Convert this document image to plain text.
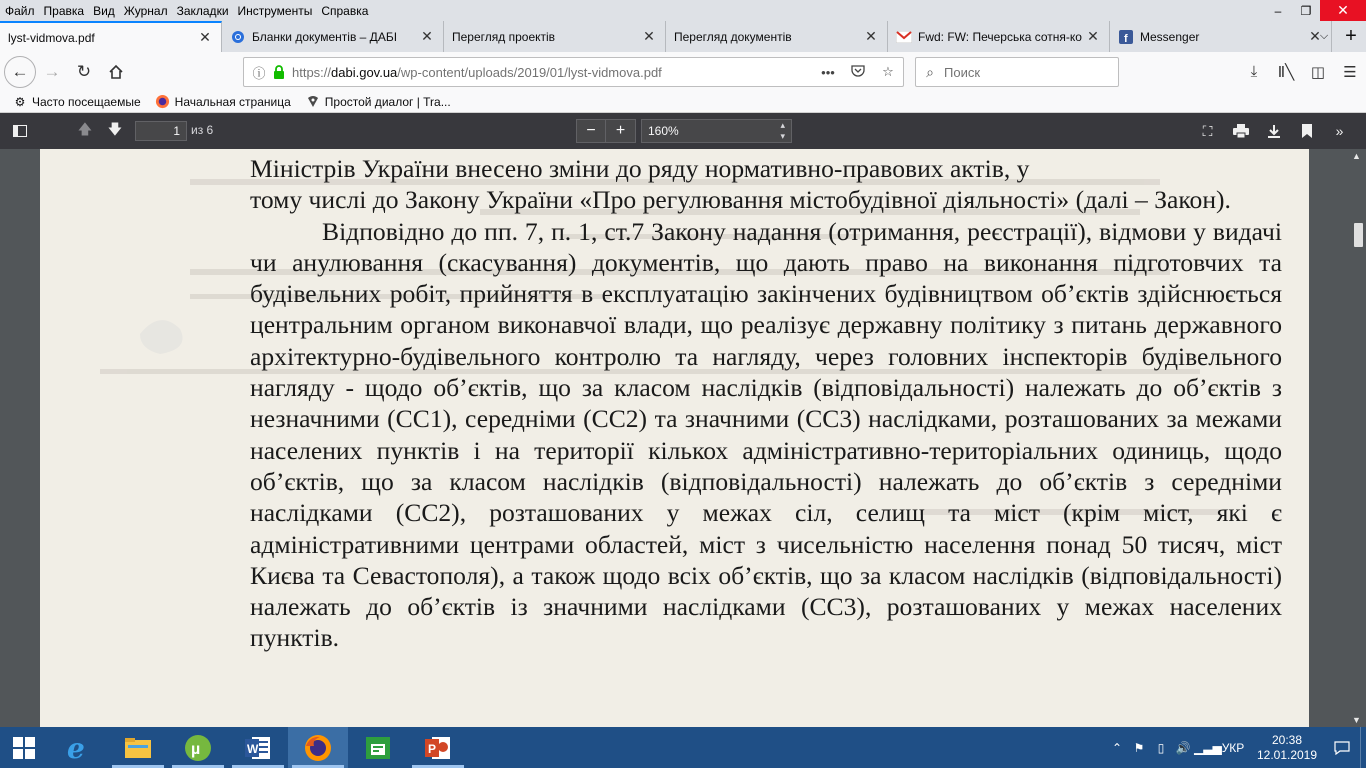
Файл Правка Вид Журнал Закладки Инструменты Справка	–	❐	✕
lyst-vidmova.pdf	✕	Бланки документів – ДАБІ	✕ Перегляд проектів	✕ Перегляд документів	✕	Fwd: FW: Печерська сотня-ко ✕ f Messenger	✕
⌵ +
← → ↻	ⓘ	https://dabi.gov.ua/wp-content/uploads/2019/01/lyst-vidmova.pdf	•••	☆	⌕ Поиск	⤓	Ⅱ╲	◫	☰
⚙ Часто посещаемые	Начальная страница	Простой диалог | Tra...
🡅	🡇	1 из 6	−	+	160%	▴
▾	⛶	»

Міністрів України внесено зміни до ряду нормативно-правових актів, у

тому числі до Закону України «Про регулювання містобудівної діяльності» (далі – Закон).

Відповідно до пп. 7, п. 1, ст.7 Закону надання (отримання, реєстрації), відмови у видачі чи анулювання (скасування) документів, що дають право на виконання підготовчих та будівельних робіт, прийняття в експлуатацію закінчених будівництвом об’єктів здійснюється центральним органом виконавчої влади, що реалізує державну політику з питань державного архітектурно-будівельного контролю та нагляду, через головних інспекторів будівельного нагляду - щодо об’єктів, що за класом наслідків (відповідальності) належать до об’єктів з незначними (СС1), середніми (СС2) та значними (СС3) наслідками, розташованих за межами населених пунктів і на території кількох адміністративно-територіальних одиниць, щодо об’єктів, що за класом наслідків (відповідальності) належать до об’єктів з середніми наслідками (СС2), розташованих у межах сіл, селищ та міст (крім міст, які є адміністративними центрами областей, міст з чисельністю населення понад 50 тисяч, міст Києва та Севастополя), а також щодо всіх об’єктів, що за класом наслідків (відповідальності) належать до об’єктів із значними наслідками (СС3), розташованих у межах населених пунктів.

▲
▼
e	µ	W	P	⌃ ⚑	▯ 🔊 ▁▃▅ УКР
20:38
12.01.2019
